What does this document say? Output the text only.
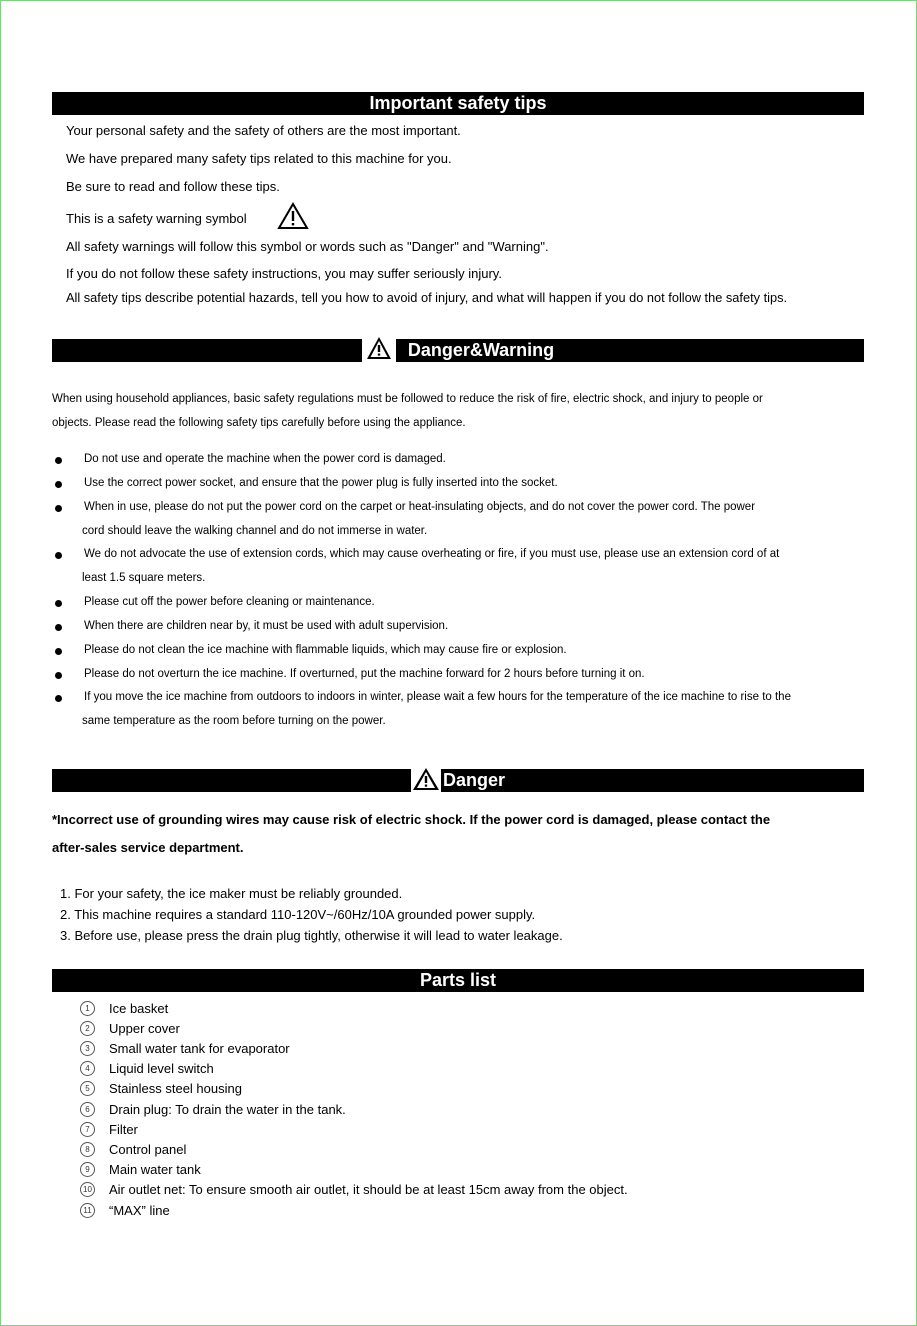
Important safety tips
Your personal safety and the safety of others are the most important.
We have prepared many safety tips related to this machine for you.
Be sure to read and follow these tips.
This is a safety warning symbol
All safety warnings will follow this symbol or words such as "Danger" and "Warning".
If you do not follow these safety instructions, you may suffer seriously injury.
All safety tips describe potential hazards, tell you how to avoid of injury, and what will happen if you do not follow the safety tips.
Danger&Warning
When using household appliances, basic safety regulations must be followed to reduce the risk of fire, electric shock, and injury to people or
objects. Please read the following safety tips carefully before using the appliance.
Do not use and operate the machine when the power cord is damaged.
Use the correct power socket, and ensure that the power plug is fully inserted into the socket.
When in use, please do not put the power cord on the carpet or heat-insulating objects, and do not cover the power cord. The power
cord should leave the walking channel and do not immerse in water.
We do not advocate the use of extension cords, which may cause overheating or fire, if you must use, please use an extension cord of at
least 1.5 square meters.
Please cut off the power before cleaning or maintenance.
When there are children near by, it must be used with adult supervision.
Please do not clean the ice machine with flammable liquids, which may cause fire or explosion.
Please do not overturn the ice machine. If overturned, put the machine forward for 2 hours before turning it on.
If you move the ice machine from outdoors to indoors in winter, please wait a few hours for the temperature of the ice machine to rise to the
same temperature as the room before turning on the power.
Danger
*Incorrect use of grounding wires may cause risk of electric shock. If the power cord is damaged, please contact the
after-sales service department.
1. For your safety, the ice maker must be reliably grounded.
2. This machine requires a standard 110-120V~/60Hz/10A grounded power supply.
3. Before use, please press the drain plug tightly, otherwise it will lead to water leakage.
Parts list
1	Ice basket
2	Upper cover
3	Small water tank for evaporator
4	Liquid level switch
5	Stainless steel housing
6	Drain plug: To drain the water in the tank.
7	Filter
8	Control panel
9	Main water tank
10 Air outlet net: To ensure smooth air outlet, it should be at least 15cm away from the object.
11 “MAX” line
